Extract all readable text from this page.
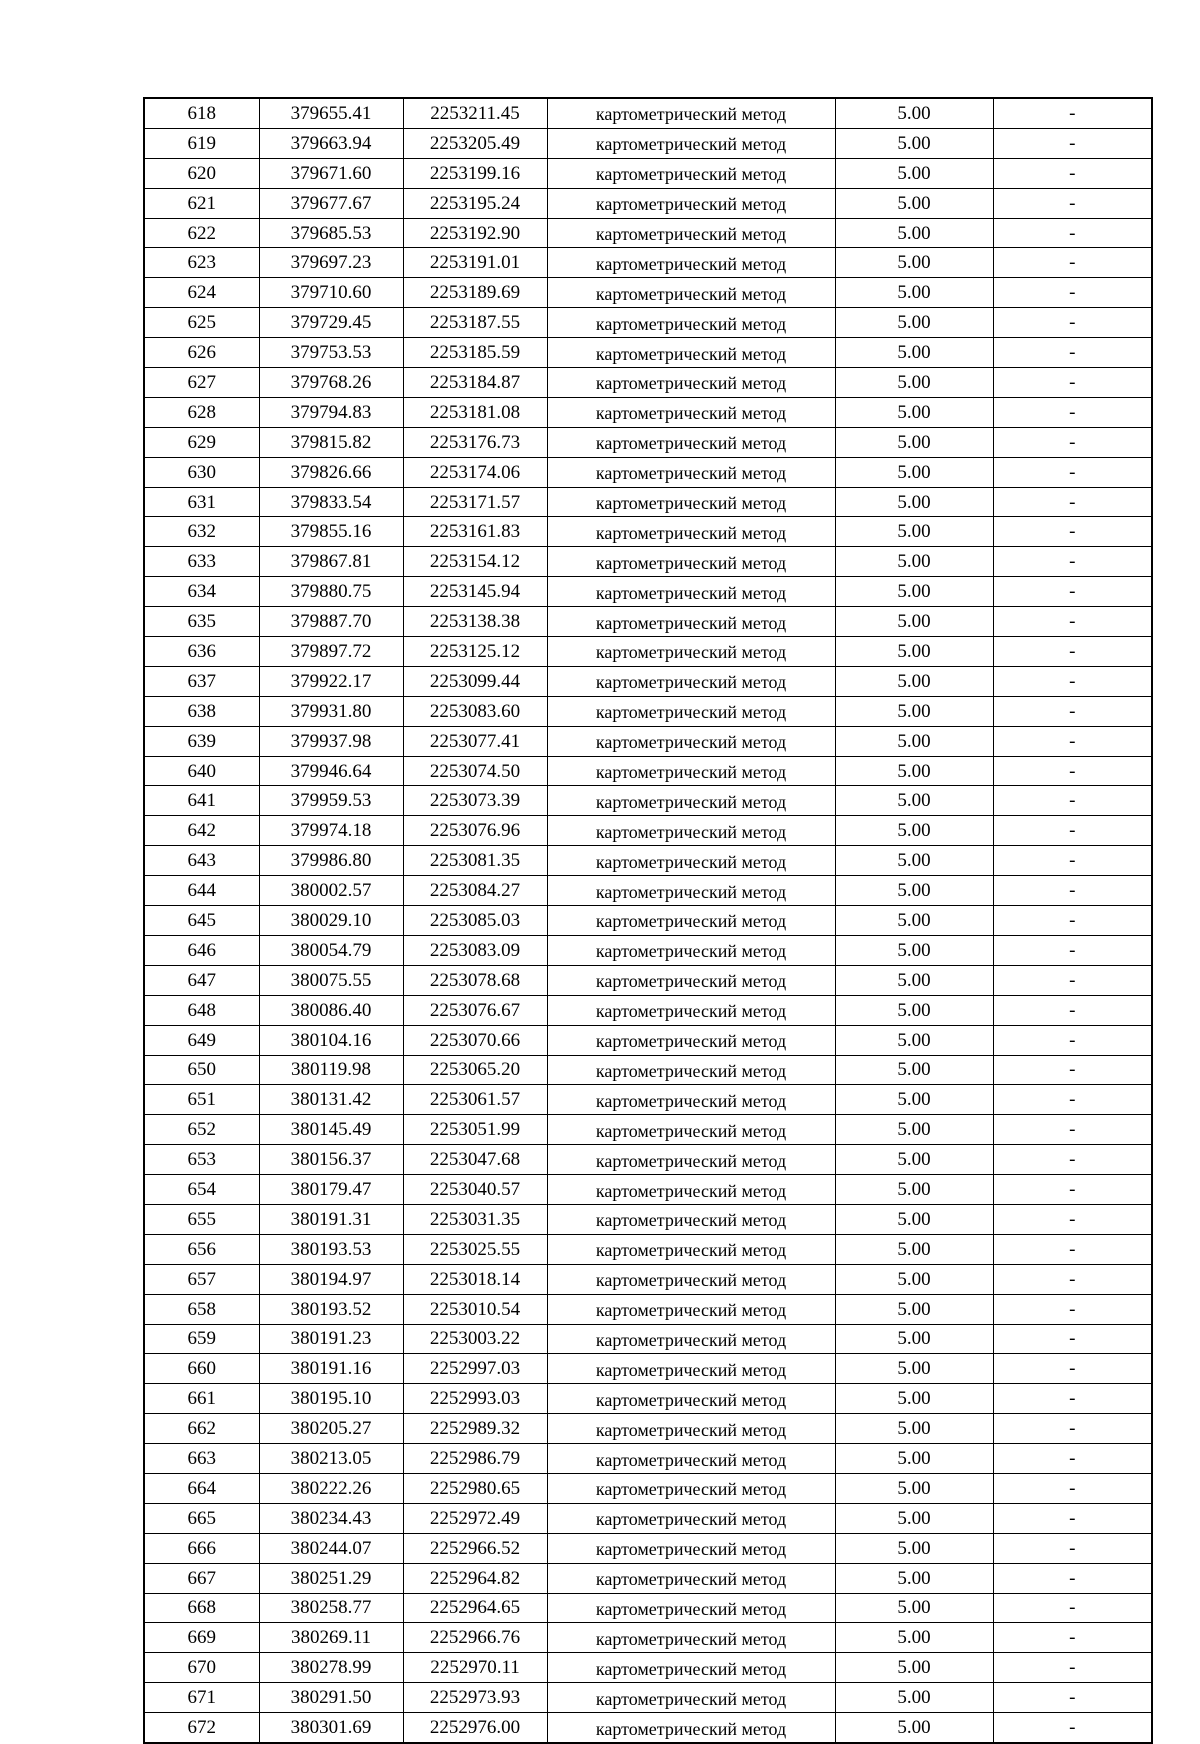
618	379655.41	2253211.45	картометрический метод	5.00	-
619	379663.94	2253205.49	картометрический метод	5.00	-
620	379671.60	2253199.16	картометрический метод	5.00	-
621	379677.67	2253195.24	картометрический метод	5.00	-
622	379685.53	2253192.90	картометрический метод	5.00	-
623	379697.23	2253191.01	картометрический метод	5.00	-
624	379710.60	2253189.69	картометрический метод	5.00	-
625	379729.45	2253187.55	картометрический метод	5.00	-
626	379753.53	2253185.59	картометрический метод	5.00	-
627	379768.26	2253184.87	картометрический метод	5.00	-
628	379794.83	2253181.08	картометрический метод	5.00	-
629	379815.82	2253176.73	картометрический метод	5.00	-
630	379826.66	2253174.06	картометрический метод	5.00	-
631	379833.54	2253171.57	картометрический метод	5.00	-
632	379855.16	2253161.83	картометрический метод	5.00	-
633	379867.81	2253154.12	картометрический метод	5.00	-
634	379880.75	2253145.94	картометрический метод	5.00	-
635	379887.70	2253138.38	картометрический метод	5.00	-
636	379897.72	2253125.12	картометрический метод	5.00	-
637	379922.17	2253099.44	картометрический метод	5.00	-
638	379931.80	2253083.60	картометрический метод	5.00	-
639	379937.98	2253077.41	картометрический метод	5.00	-
640	379946.64	2253074.50	картометрический метод	5.00	-
641	379959.53	2253073.39	картометрический метод	5.00	-
642	379974.18	2253076.96	картометрический метод	5.00	-
643	379986.80	2253081.35	картометрический метод	5.00	-
644	380002.57	2253084.27	картометрический метод	5.00	-
645	380029.10	2253085.03	картометрический метод	5.00	-
646	380054.79	2253083.09	картометрический метод	5.00	-
647	380075.55	2253078.68	картометрический метод	5.00	-
648	380086.40	2253076.67	картометрический метод	5.00	-
649	380104.16	2253070.66	картометрический метод	5.00	-
650	380119.98	2253065.20	картометрический метод	5.00	-
651	380131.42	2253061.57	картометрический метод	5.00	-
652	380145.49	2253051.99	картометрический метод	5.00	-
653	380156.37	2253047.68	картометрический метод	5.00	-
654	380179.47	2253040.57	картометрический метод	5.00	-
655	380191.31	2253031.35	картометрический метод	5.00	-
656	380193.53	2253025.55	картометрический метод	5.00	-
657	380194.97	2253018.14	картометрический метод	5.00	-
658	380193.52	2253010.54	картометрический метод	5.00	-
659	380191.23	2253003.22	картометрический метод	5.00	-
660	380191.16	2252997.03	картометрический метод	5.00	-
661	380195.10	2252993.03	картометрический метод	5.00	-
662	380205.27	2252989.32	картометрический метод	5.00	-
663	380213.05	2252986.79	картометрический метод	5.00	-
664	380222.26	2252980.65	картометрический метод	5.00	-
665	380234.43	2252972.49	картометрический метод	5.00	-
666	380244.07	2252966.52	картометрический метод	5.00	-
667	380251.29	2252964.82	картометрический метод	5.00	-
668	380258.77	2252964.65	картометрический метод	5.00	-
669	380269.11	2252966.76	картометрический метод	5.00	-
670	380278.99	2252970.11	картометрический метод	5.00	-
671	380291.50	2252973.93	картометрический метод	5.00	-
672	380301.69	2252976.00	картометрический метод	5.00	-
